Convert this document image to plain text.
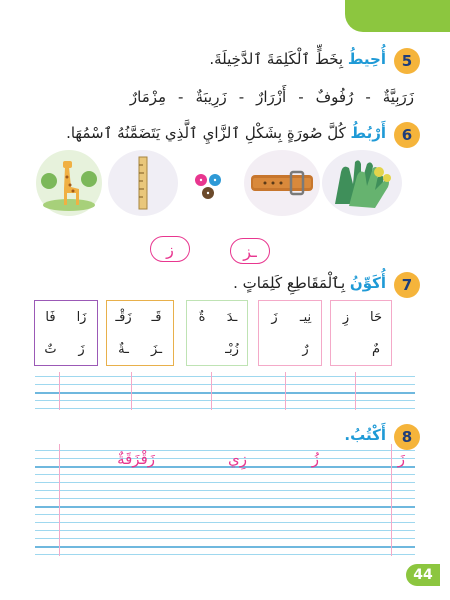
5
أُحِيطُ بِخَطٍّ ٱلْكَلِمَةَ ٱلدَّخِيلَةَ.
زَرَبِيَّةٌ-رُفُوفٌ-أَزْرَارٌ-زَرِيبَةٌ-مِزْمَارٌ
6
أَرْبُطُ كُلَّ صُورَةٍ بِشَكْلِ ٱلزَّايِ ٱلَّذِي يَتَضَمَّنُهُ ٱسْمُهَا.
ـز
ز
7
أُكَوِّنُ بِٱلْمَقَاطِعِ كَلِمَاتٍ .
حَا
زِ
مٌ
نِيـ
زَ
رٌ
ـدَ
ةٌ
زُبْـ
قَـ
زَقْـ
ـزَ
ـةٌ
زَا
فَا
زَ
تٌ
8
أَكْتُبُ.
زَ
زُ
زِي
زَقْزَقَةٌ
44
